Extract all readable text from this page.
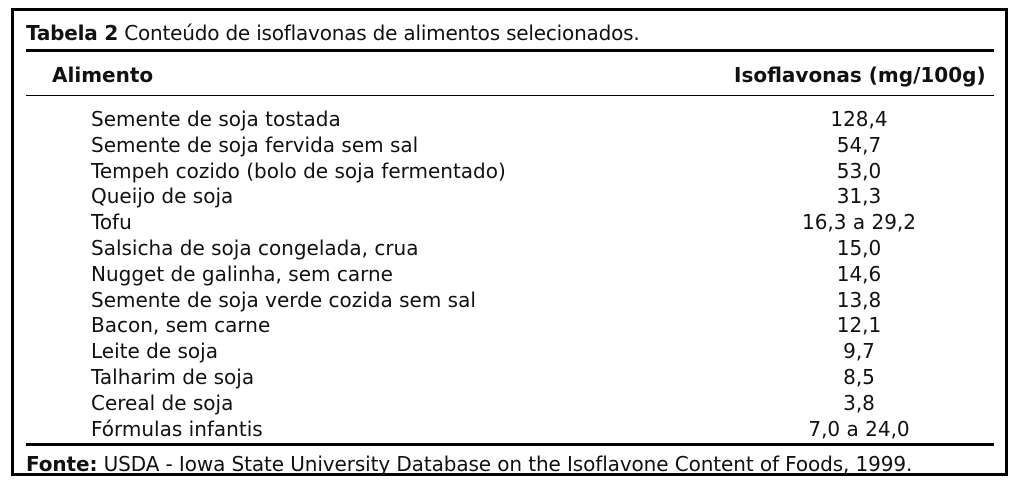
Tabela 2 Conteúdo de isoflavonas de alimentos selecionados.
Alimento	Isoflavonas (mg/100g)
Semente de soja tostada	128,4
Semente de soja fervida sem sal	54,7
Tempeh cozido (bolo de soja fermentado)	53,0
Queijo de soja	31,3
Tofu	16,3 a 29,2
Salsicha de soja congelada, crua	15,0
Nugget de galinha, sem carne	14,6
Semente de soja verde cozida sem sal	13,8
Bacon, sem carne	12,1
Leite de soja	9,7
Talharim de soja	8,5
Cereal de soja	3,8
Fórmulas infantis	7,0 a 24,0
Fonte: USDA - Iowa State University Database on the Isoflavone Content of Foods, 1999.
